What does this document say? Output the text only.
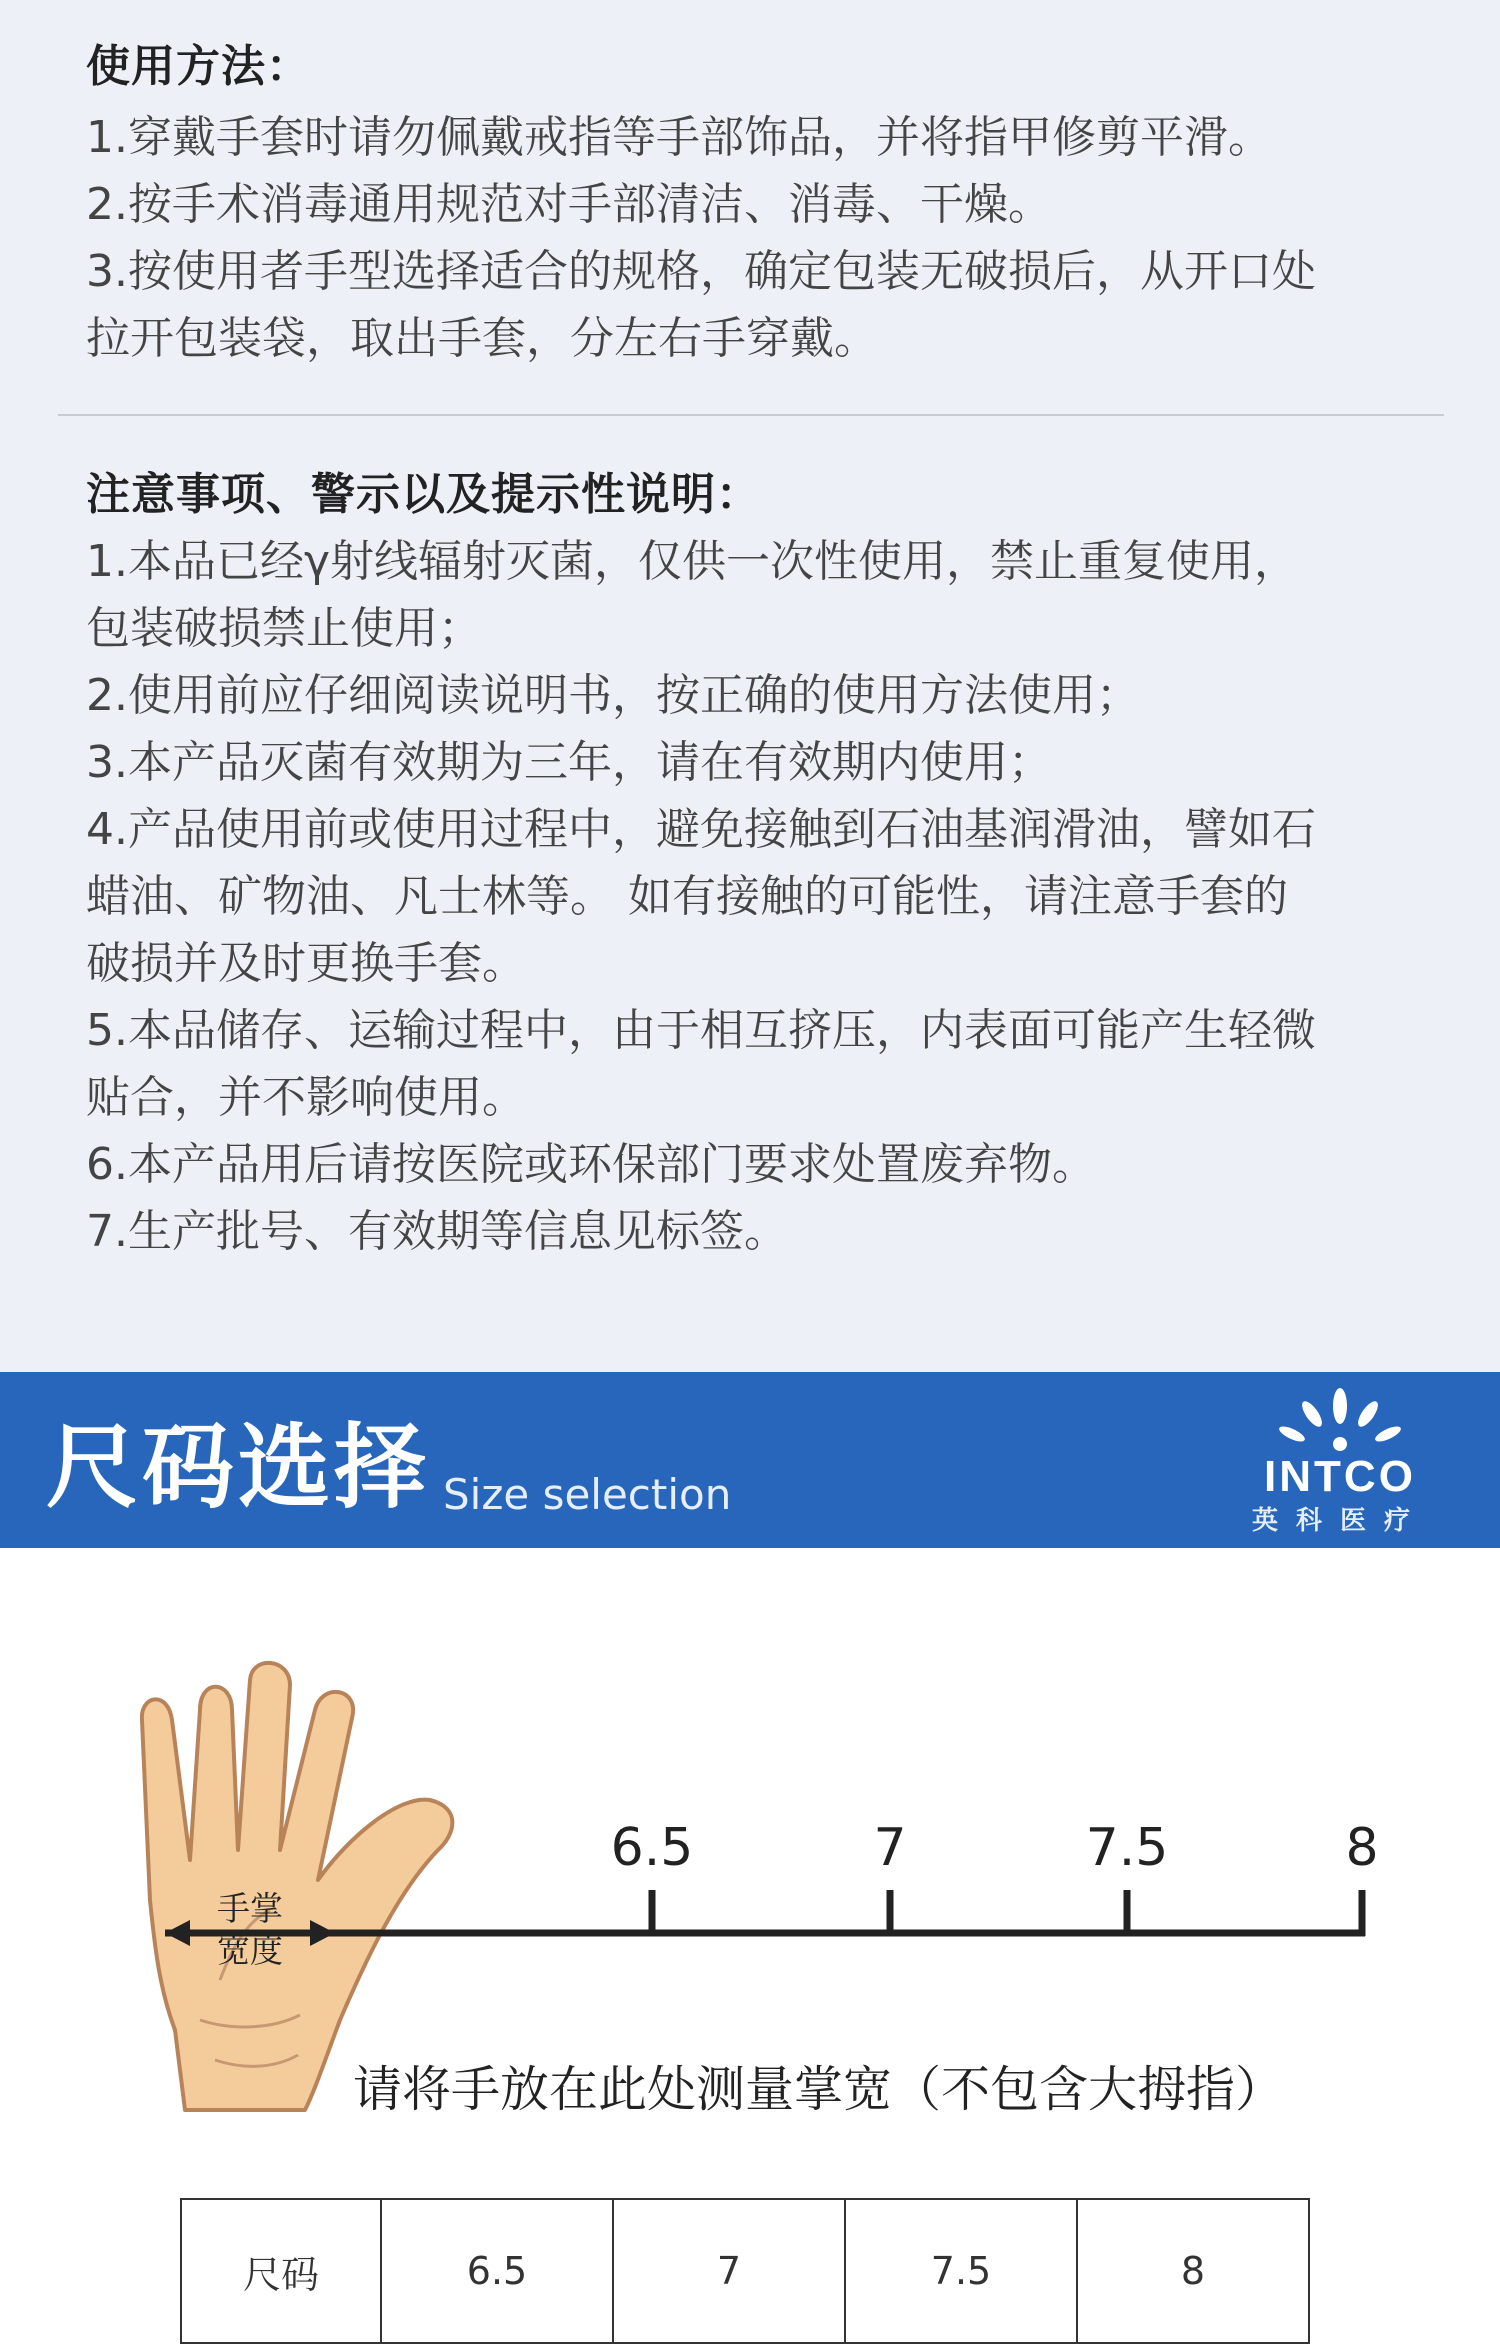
使用方法：
1.穿戴手套时请勿佩戴戒指等手部饰品，并将指甲修剪平滑。
2.按手术消毒通用规范对手部清洁、消毒、干燥。
3.按使用者手型选择适合的规格，确定包装无破损后，从开口处
拉开包装袋，取出手套，分左右手穿戴。
注意事项、警示以及提示性说明：
1.本品已经γ射线辐射灭菌，仅供一次性使用，禁止重复使用，
包装破损禁止使用；
2.使用前应仔细阅读说明书，按正确的使用方法使用；
3.本产品灭菌有效期为三年，请在有效期内使用；
4.产品使用前或使用过程中，避免接触到石油基润滑油，譬如石
蜡油、矿物油、凡士林等。 如有接触的可能性，请注意手套的
破损并及时更换手套。
5.本品储存、运输过程中，由于相互挤压，内表面可能产生轻微
贴合，并不影响使用。
6.本产品用后请按医院或环保部门要求处置废弃物。
7.生产批号、有效期等信息见标签。
尺码选择 Size selection	INTCO
英科医疗
手掌
宽度
6.5	7	7.5	8
请将手放在此处测量掌宽（不包含大拇指）
尺码	6.5	7	7.5	8
